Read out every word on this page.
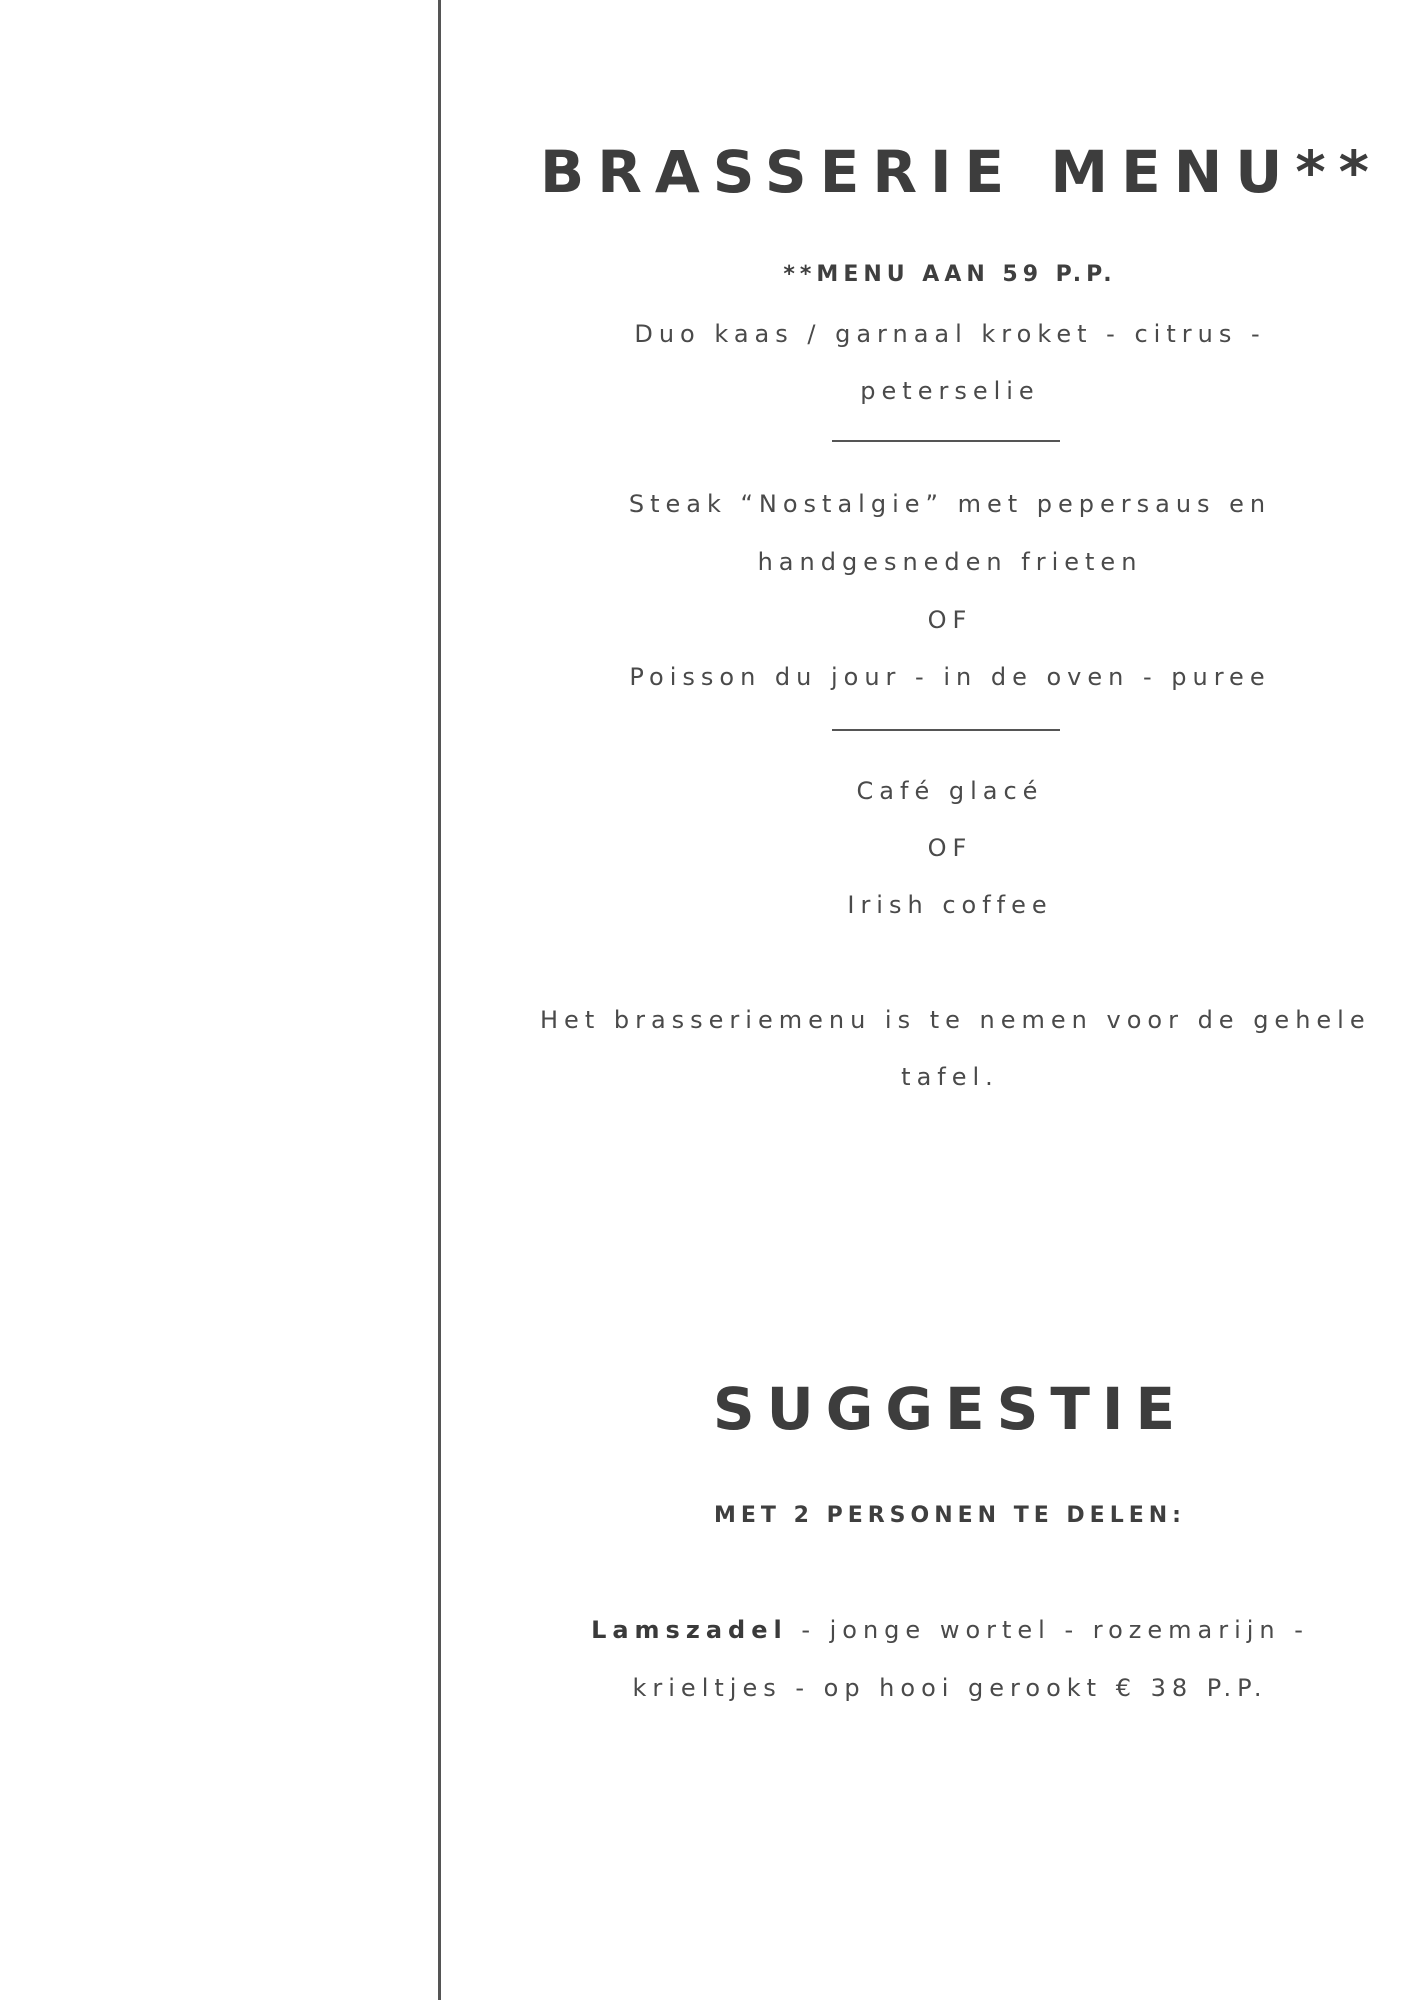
BRASSERIE MENU**
**MENU AAN 59 P.P.
Duo kaas / garnaal kroket - citrus -
peterselie
Steak “Nostalgie” met pepersaus en
handgesneden frieten
OF
Poisson du jour - in de oven - puree
Café glacé
OF
Irish coffee
Het brasseriemenu is te nemen voor de gehele
tafel.
SUGGESTIE
MET 2 PERSONEN TE DELEN:
Lamszadel - jonge wortel - rozemarijn -
krieltjes - op hooi gerookt € 38 P.P.
